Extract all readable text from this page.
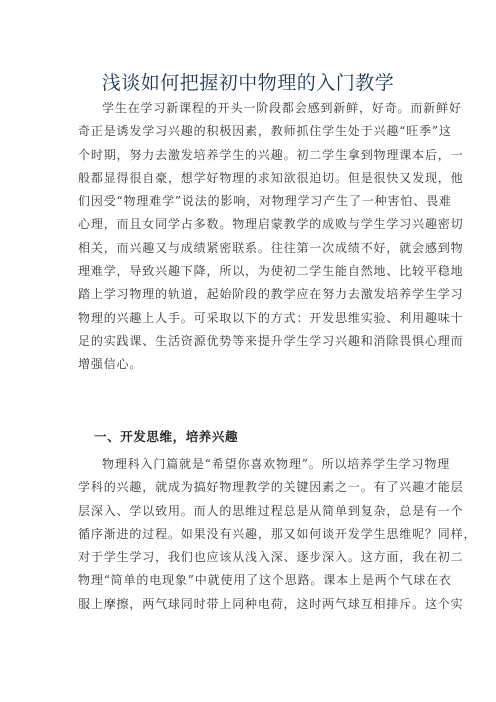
浅谈如何把握初中物理的入门教学
学生在学习新课程的开头一阶段都会感到新鲜，好奇。而新鲜好
奇正是诱发学习兴趣的积极因素，教师抓住学生处于兴趣“旺季”这
个时期，努力去激发培养学生的兴趣。初二学生拿到物理课本后，一
般都显得很自豪，想学好物理的求知欲很迫切。但是很快又发现，他
们因受“物理难学”说法的影响，对物理学习产生了一种害怕、畏难
心理，而且女同学占多数。物理启蒙教学的成败与学生学习兴趣密切
相关，而兴趣又与成绩紧密联系。往往第一次成绩不好，就会感到物
理难学，导致兴趣下降，所以，为使初二学生能自然地、比较平稳地
踏上学习物理的轨道，起始阶段的教学应在努力去激发培养学生学习
物理的兴趣上人手。可采取以下的方式：开发思维实验、利用趣味十
足的实践课、生活资源优势等来提升学生学习兴趣和消除畏惧心理而
增强信心。
一、开发思维，培养兴趣
物理科入门篇就是“希望你喜欢物理”。所以培养学生学习物理
学科的兴趣，就成为搞好物理教学的关键因素之一。有了兴趣才能层
层深入、学以致用。而人的思维过程总是从简单到复杂，总是有一个
循序渐进的过程。如果没有兴趣，那又如何谈开发学生思维呢？同样，
对于学生学习，我们也应该从浅入深、逐步深入。这方面，我在初二
物理“简单的电现象”中就使用了这个思路。课本上是两个气球在衣
服上摩擦，两气球同时带上同种电荷，这时两气球互相排斥。这个实
